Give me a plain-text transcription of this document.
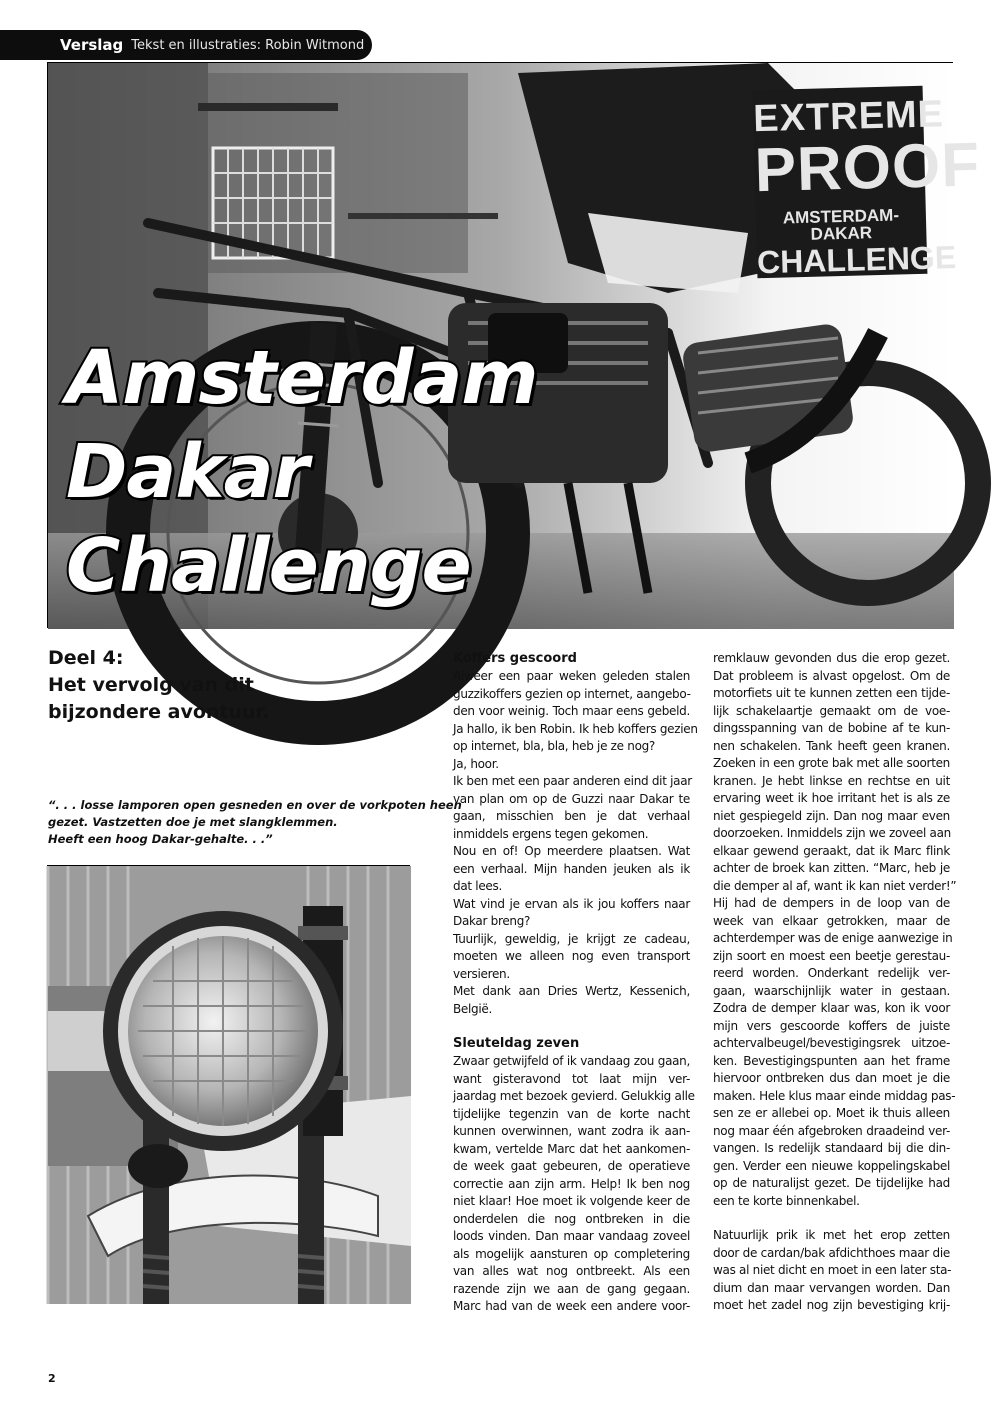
Verslag Tekst en illustraties: Robin Witmond
EXTREME
PROOF
AMSTERDAM-DAKAR
CHALLENGE
Amsterdam
Dakar
Challenge
Deel 4:
Het vervolg van dit
bijzondere avontuur.
“. . . losse lamporen open gesneden en over de vorkpoten heen
gezet. Vastzetten doe je met slangklemmen.
Heeft een hoog Dakar-gehalte. . .”
Koffers gescoord
Alweer een paar weken geleden stalen
guzzikoffers gezien op internet, aangebo-
den voor weinig. Toch maar eens gebeld.
Ja hallo, ik ben Robin. Ik heb koffers gezien
op internet, bla, bla, heb je ze nog?
Ja, hoor.
Ik ben met een paar anderen eind dit jaar
van plan om op de Guzzi naar Dakar te
gaan, misschien ben je dat verhaal
inmiddels ergens tegen gekomen.
Nou en of! Op meerdere plaatsen. Wat
een verhaal. Mijn handen jeuken als ik
dat lees.
Wat vind je ervan als ik jou koffers naar
Dakar breng?
Tuurlijk, geweldig, je krijgt ze cadeau,
moeten we alleen nog even transport
versieren.
Met dank aan Dries Wertz, Kessenich,
België.
Sleuteldag zeven
Zwaar getwijfeld of ik vandaag zou gaan,
want gisteravond tot laat mijn ver-
jaardag met bezoek gevierd. Gelukkig alle
tijdelijke tegenzin van de korte nacht
kunnen overwinnen, want zodra ik aan-
kwam, vertelde Marc dat het aankomen-
de week gaat gebeuren, de operatieve
correctie aan zijn arm. Help! Ik ben nog
niet klaar! Hoe moet ik volgende keer de
onderdelen die nog ontbreken in die
loods vinden. Dan maar vandaag zoveel
als mogelijk aansturen op completering
van alles wat nog ontbreekt. Als een
razende zijn we aan de gang gegaan.
Marc had van de week een andere voor-
remklauw gevonden dus die erop gezet.
Dat probleem is alvast opgelost. Om de
motorfiets uit te kunnen zetten een tijde-
lijk schakelaartje gemaakt om de voe-
dingsspanning van de bobine af te kun-
nen schakelen. Tank heeft geen kranen.
Zoeken in een grote bak met alle soorten
kranen. Je hebt linkse en rechtse en uit
ervaring weet ik hoe irritant het is als ze
niet gespiegeld zijn. Dan nog maar even
doorzoeken. Inmiddels zijn we zoveel aan
elkaar gewend geraakt, dat ik Marc flink
achter de broek kan zitten. “Marc, heb je
die demper al af, want ik kan niet verder!”
Hij had de dempers in de loop van de
week van elkaar getrokken, maar de
achterdemper was de enige aanwezige in
zijn soort en moest een beetje gerestau-
reerd worden. Onderkant redelijk ver-
gaan, waarschijnlijk water in gestaan.
Zodra de demper klaar was, kon ik voor
mijn vers gescoorde koffers de juiste
achtervalbeugel/bevestigingsrek uitzoe-
ken. Bevestigingspunten aan het frame
hiervoor ontbreken dus dan moet je die
maken. Hele klus maar einde middag pas-
sen ze er allebei op. Moet ik thuis alleen
nog maar één afgebroken draadeind ver-
vangen. Is redelijk standaard bij die din-
gen. Verder een nieuwe koppelingskabel
op de naturalijst gezet. De tijdelijke had
een te korte binnenkabel.
Natuurlijk prik ik met het erop zetten
door de cardan/bak afdichthoes maar die
was al niet dicht en moet in een later sta-
dium dan maar vervangen worden. Dan
moet het zadel nog zijn bevestiging krij-
2
